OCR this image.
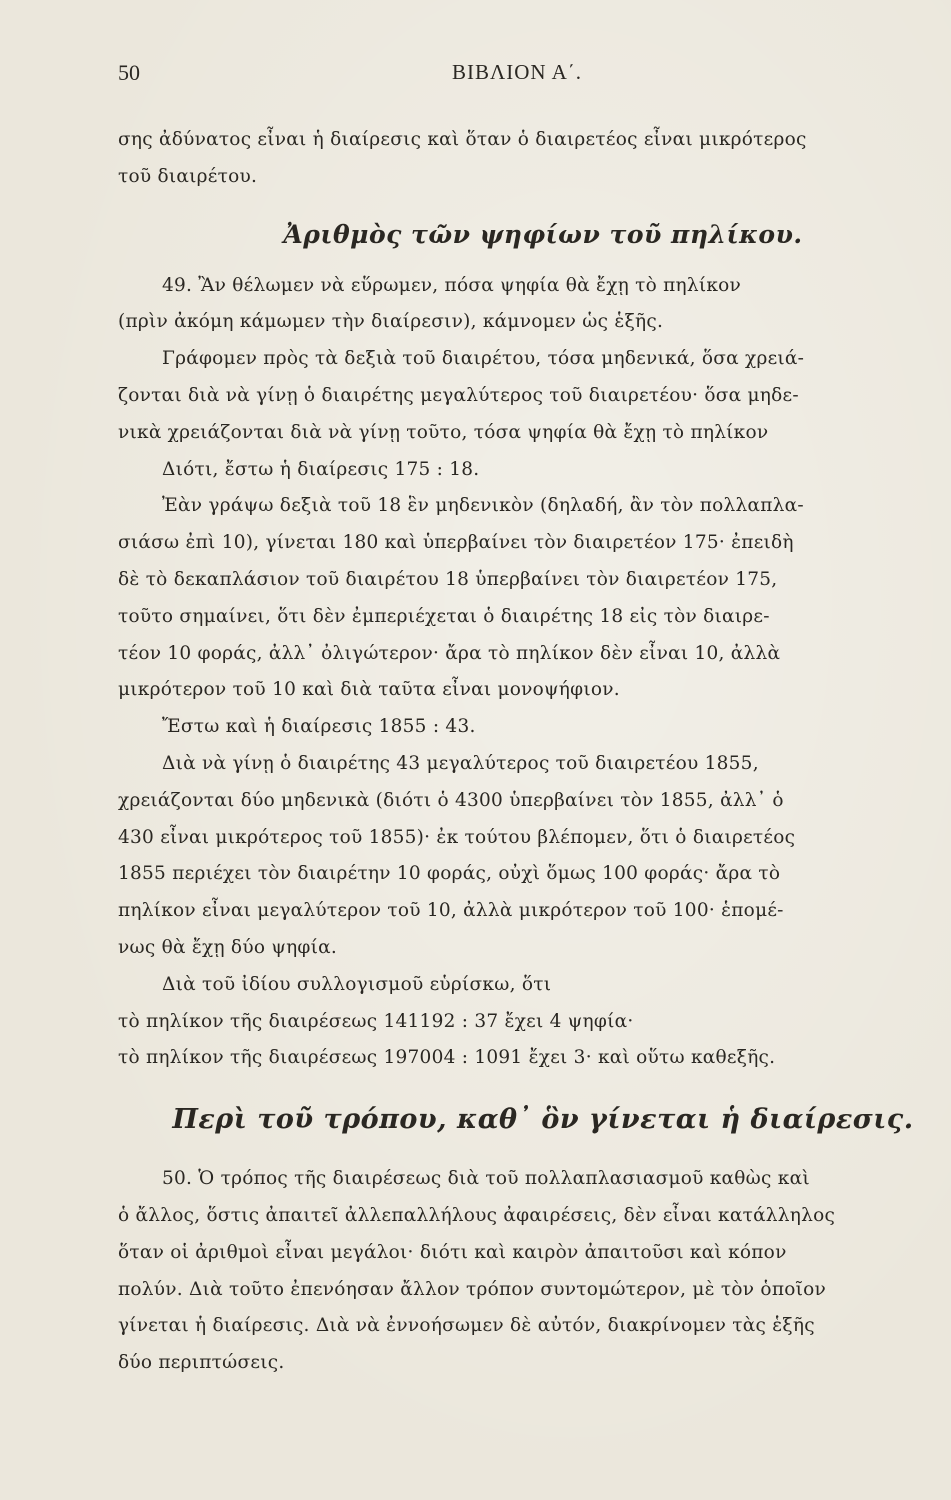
50	ΒΙΒΛΙΟΝ Α΄.
σης ἀδύνατος εἶναι ἡ διαίρεσις καὶ ὅταν ὁ διαιρετέος εἶναι μικρότερος
τοῦ διαιρέτου.
Ἀριθμὸς τῶν ψηφίων τοῦ πηλίκου.
49. Ἂν θέλωμεν νὰ εὕρωμεν, πόσα ψηφία θὰ ἔχῃ τὸ πηλίκον
(πρὶν ἀκόμη κάμωμεν τὴν διαίρεσιν), κάμνομεν ὡς ἑξῆς.
Γράφομεν πρὸς τὰ δεξιὰ τοῦ διαιρέτου, τόσα μηδενικά, ὅσα χρειά-
ζονται διὰ νὰ γίνῃ ὁ διαιρέτης μεγαλύτερος τοῦ διαιρετέου· ὅσα μηδε-
νικὰ χρειάζονται διὰ νὰ γίνῃ τοῦτο, τόσα ψηφία θὰ ἔχῃ τὸ πηλίκον
Διότι, ἔστω ἡ διαίρεσις 175 : 18.
Ἐὰν γράψω δεξιὰ τοῦ 18 ἓν μηδενικὸν (δηλαδή, ἂν τὸν πολλαπλα-
σιάσω ἐπὶ 10), γίνεται 180 καὶ ὑπερβαίνει τὸν διαιρετέον 175· ἐπειδὴ
δὲ τὸ δεκαπλάσιον τοῦ διαιρέτου 18 ὑπερβαίνει τὸν διαιρετέον 175,
τοῦτο σημαίνει, ὅτι δὲν ἐμπεριέχεται ὁ διαιρέτης 18 εἰς τὸν διαιρε-
τέον 10 φοράς, ἀλλ᾽ ὀλιγώτερον· ἄρα τὸ πηλίκον δὲν εἶναι 10, ἀλλὰ
μικρότερον τοῦ 10 καὶ διὰ ταῦτα εἶναι μονοψήφιον.
Ἔστω καὶ ἡ διαίρεσις 1855 : 43.
Διὰ νὰ γίνῃ ὁ διαιρέτης 43 μεγαλύτερος τοῦ διαιρετέου 1855,
χρειάζονται δύο μηδενικὰ (διότι ὁ 4300 ὑπερβαίνει τὸν 1855, ἀλλ᾽ ὁ
430 εἶναι μικρότερος τοῦ 1855)· ἐκ τούτου βλέπομεν, ὅτι ὁ διαιρετέος
1855 περιέχει τὸν διαιρέτην 10 φοράς, οὐχὶ ὅμως 100 φοράς· ἄρα τὸ
πηλίκον εἶναι μεγαλύτερον τοῦ 10, ἀλλὰ μικρότερον τοῦ 100· ἑπομέ-
νως θὰ ἔχῃ δύο ψηφία.
Διὰ τοῦ ἰδίου συλλογισμοῦ εὑρίσκω, ὅτι
τὸ πηλίκον τῆς διαιρέσεως 141192 : 37 ἔχει 4 ψηφία·
τὸ πηλίκον τῆς διαιρέσεως 197004 : 1091 ἔχει 3· καὶ οὕτω καθεξῆς.
Περὶ τοῦ τρόπου, καθ᾽ ὃν γίνεται ἡ διαίρεσις.
50. Ὁ τρόπος τῆς διαιρέσεως διὰ τοῦ πολλαπλασιασμοῦ καθὼς καὶ
ὁ ἄλλος, ὅστις ἀπαιτεῖ ἀλλεπαλλήλους ἀφαιρέσεις, δὲν εἶναι κατάλληλος
ὅταν οἱ ἀριθμοὶ εἶναι μεγάλοι· διότι καὶ καιρὸν ἀπαιτοῦσι καὶ κόπον
πολύν. Διὰ τοῦτο ἐπενόησαν ἄλλον τρόπον συντομώτερον, μὲ τὸν ὁποῖον
γίνεται ἡ διαίρεσις. Διὰ νὰ ἐννοήσωμεν δὲ αὐτόν, διακρίνομεν τὰς ἑξῆς
δύο περιπτώσεις.
